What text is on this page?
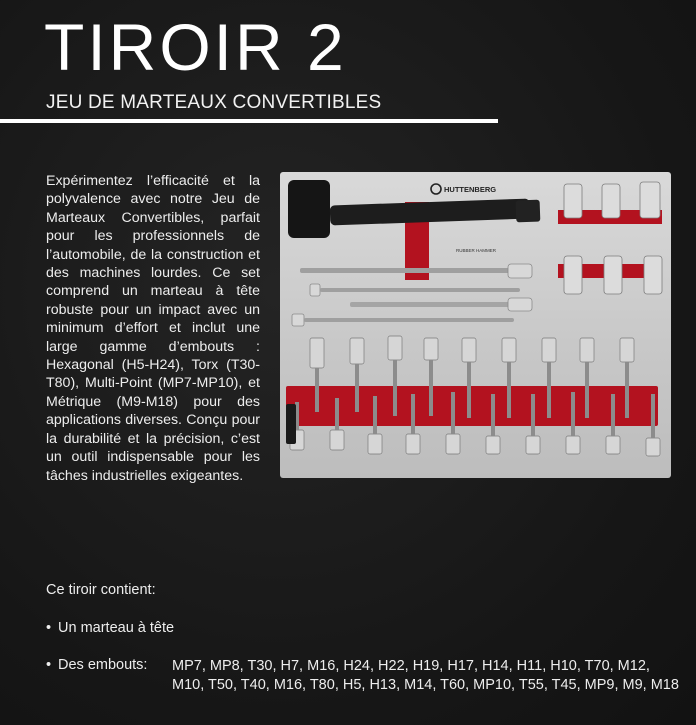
TIROIR 2
JEU DE MARTEAUX CONVERTIBLES
Expérimentez l’efficacité et la polyvalence avec notre Jeu de Marteaux Convertibles, parfait pour les professionnels de l’automobile, de la construction et des machines lourdes. Ce set comprend un marteau à tête robuste pour un impact avec un minimum d’effort et inclut une large gamme d’embouts : Hexagonal (H5-H24), Torx (T30-T80), Multi-Point (MP7-MP10), et Métrique (M9-M18) pour des applications diverses. Conçu pour la durabilité et la précision, c’est un outil indispensable pour les tâches industrielles exigeantes.
HUTTENBERG
RUBBER HAMMER
Ce tiroir contient:
• Un marteau à tête
• Des embouts: MP7, MP8, T30, H7, M16, H24, H22, H19, H17, H14, H11, H10, T70, M12, M10, T50, T40, M16, T80, H5, H13, M14, T60, MP10, T55, T45, MP9, M9, M18
